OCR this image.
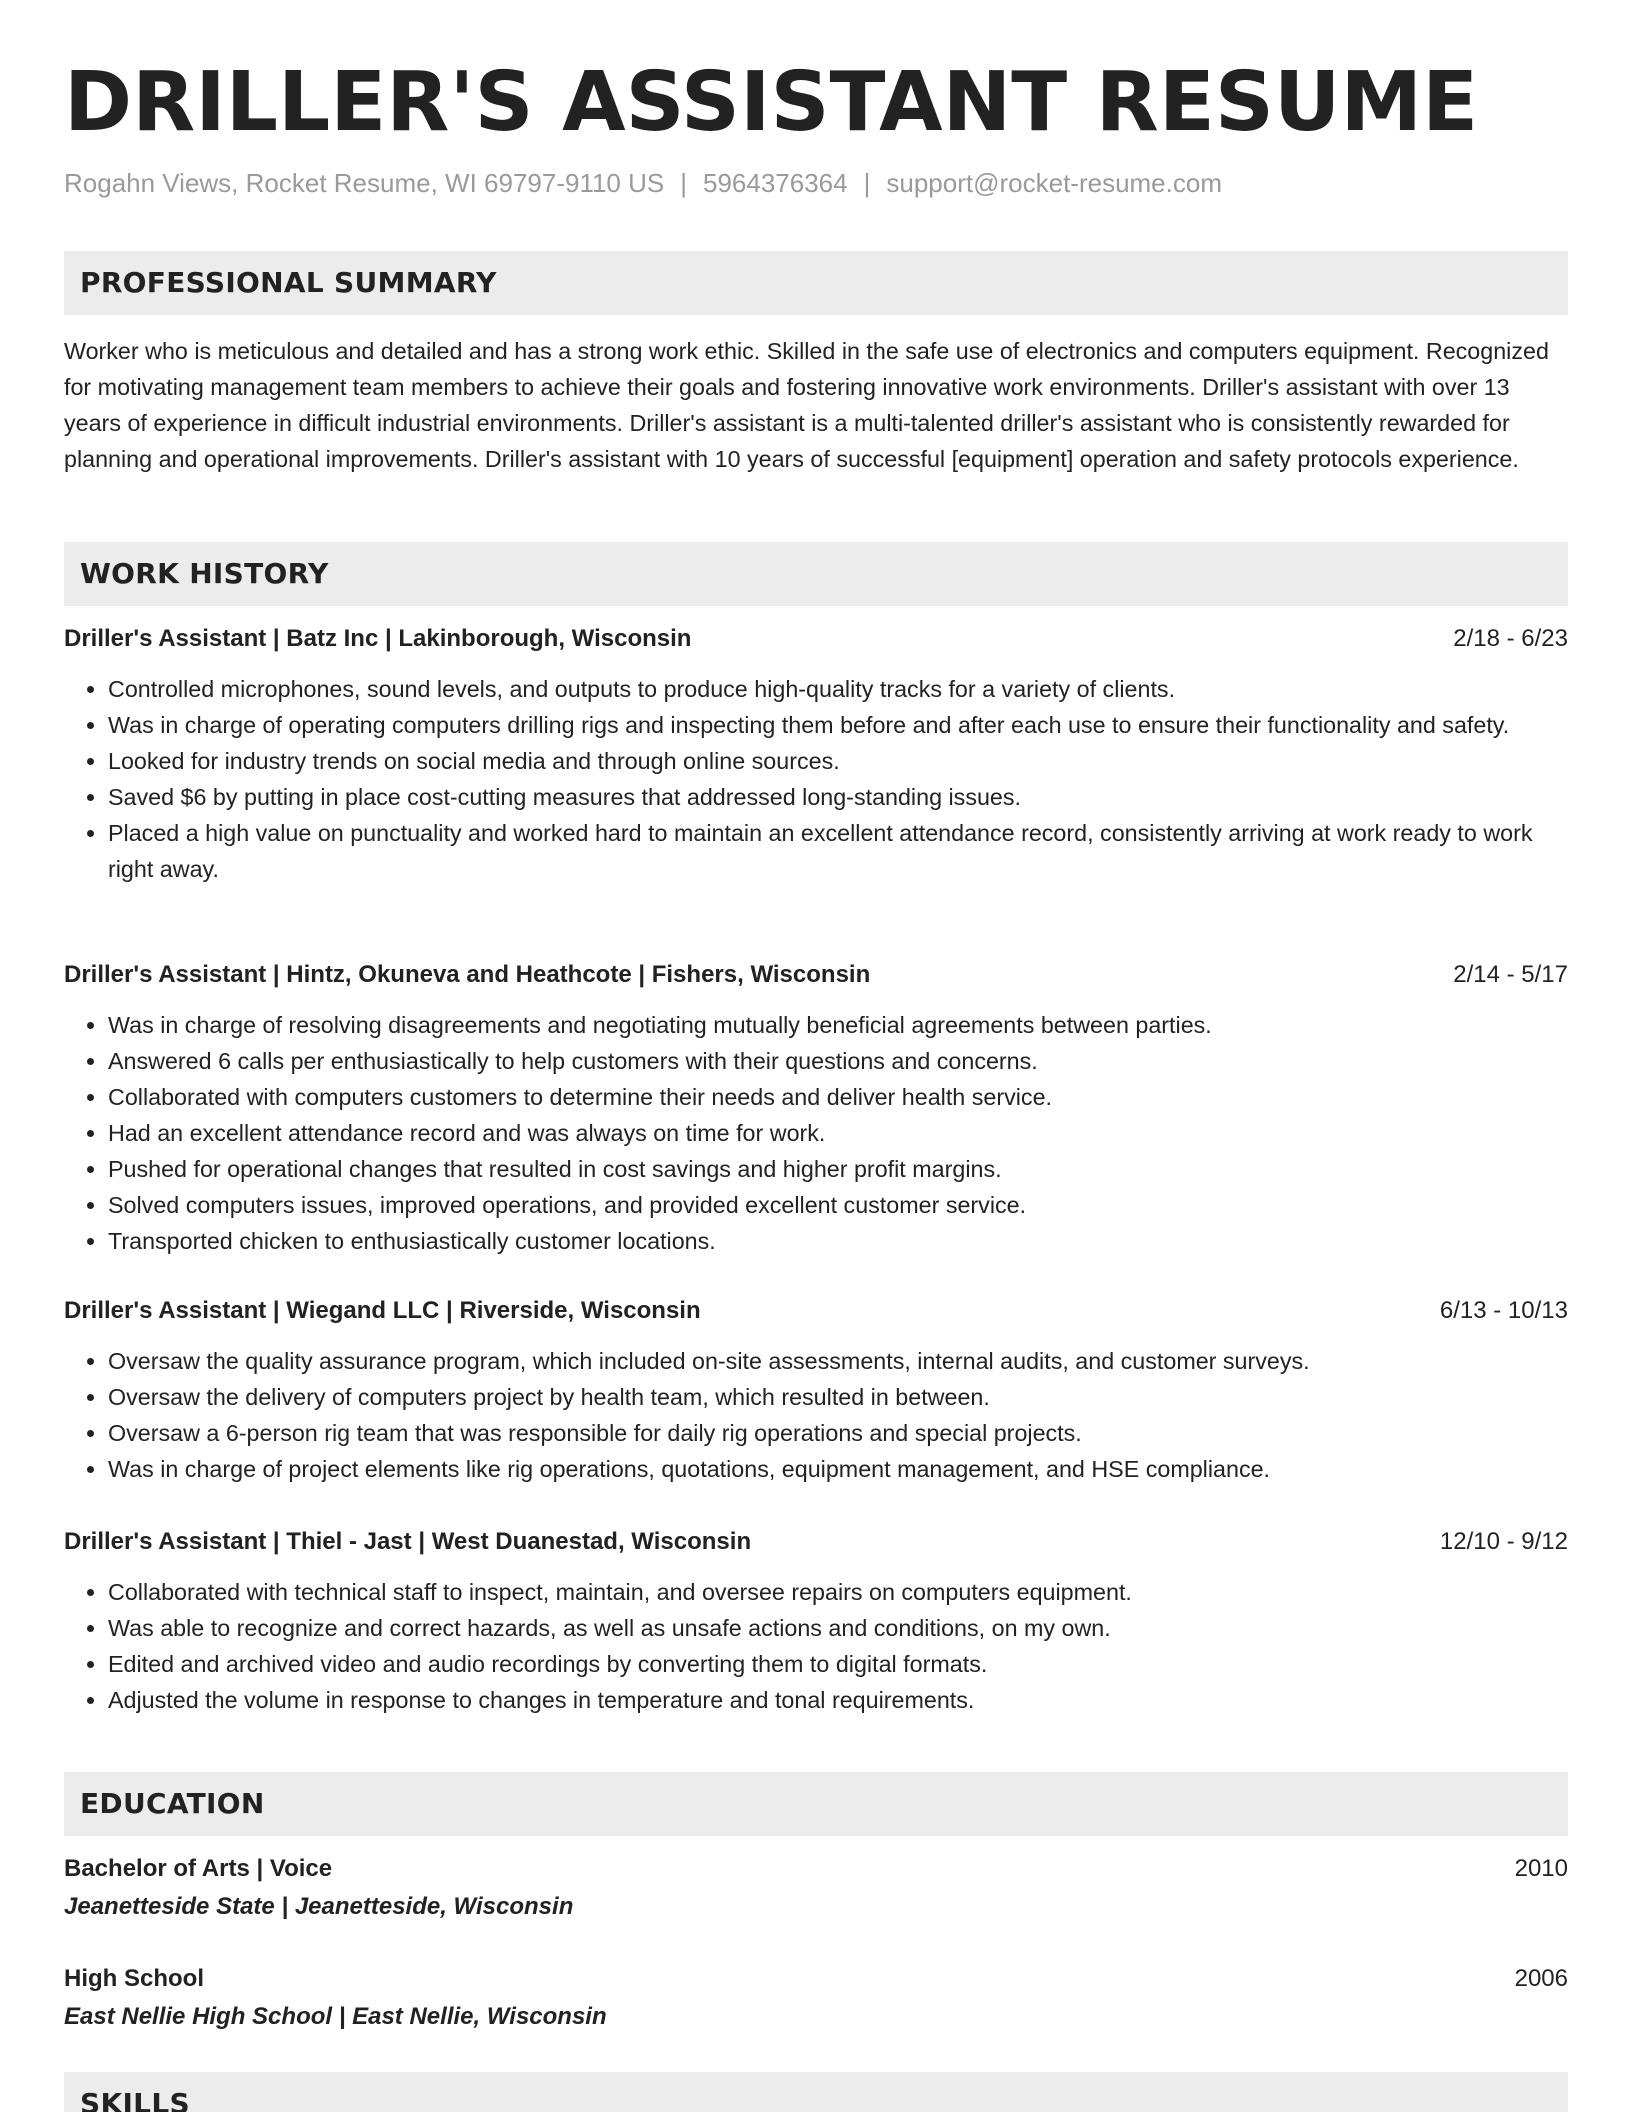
DRILLER'S ASSISTANT RESUME
Rogahn Views, Rocket Resume, WI 69797-9110 US | 5964376364 | support@rocket-resume.com
PROFESSIONAL SUMMARY
Worker who is meticulous and detailed and has a strong work ethic. Skilled in the safe use of electronics and computers equipment. Recognized for motivating management team members to achieve their goals and fostering innovative work environments. Driller's assistant with over 13 years of experience in difficult industrial environments. Driller's assistant is a multi-talented driller's assistant who is consistently rewarded for planning and operational improvements. Driller's assistant with 10 years of successful [equipment] operation and safety protocols experience.
WORK HISTORY
Driller's Assistant | Batz Inc | Lakinborough, Wisconsin	2/18 - 6/23
• Controlled microphones, sound levels, and outputs to produce high-quality tracks for a variety of clients.
• Was in charge of operating computers drilling rigs and inspecting them before and after each use to ensure their functionality and safety.
• Looked for industry trends on social media and through online sources.
• Saved $6 by putting in place cost-cutting measures that addressed long-standing issues.
• Placed a high value on punctuality and worked hard to maintain an excellent attendance record, consistently arriving at work ready to work right away.
Driller's Assistant | Hintz, Okuneva and Heathcote | Fishers, Wisconsin	2/14 - 5/17
• Was in charge of resolving disagreements and negotiating mutually beneficial agreements between parties.
• Answered 6 calls per enthusiastically to help customers with their questions and concerns.
• Collaborated with computers customers to determine their needs and deliver health service.
• Had an excellent attendance record and was always on time for work.
• Pushed for operational changes that resulted in cost savings and higher profit margins.
• Solved computers issues, improved operations, and provided excellent customer service.
• Transported chicken to enthusiastically customer locations.
Driller's Assistant | Wiegand LLC | Riverside, Wisconsin	6/13 - 10/13
• Oversaw the quality assurance program, which included on-site assessments, internal audits, and customer surveys.
• Oversaw the delivery of computers project by health team, which resulted in between.
• Oversaw a 6-person rig team that was responsible for daily rig operations and special projects.
• Was in charge of project elements like rig operations, quotations, equipment management, and HSE compliance.
Driller's Assistant | Thiel - Jast | West Duanestad, Wisconsin	12/10 - 9/12
• Collaborated with technical staff to inspect, maintain, and oversee repairs on computers equipment.
• Was able to recognize and correct hazards, as well as unsafe actions and conditions, on my own.
• Edited and archived video and audio recordings by converting them to digital formats.
• Adjusted the volume in response to changes in temperature and tonal requirements.
EDUCATION
Bachelor of Arts | Voice
Jeanetteside State | Jeanetteside, Wisconsin
2010
High School
East Nellie High School | East Nellie, Wisconsin
2006
SKILLS
